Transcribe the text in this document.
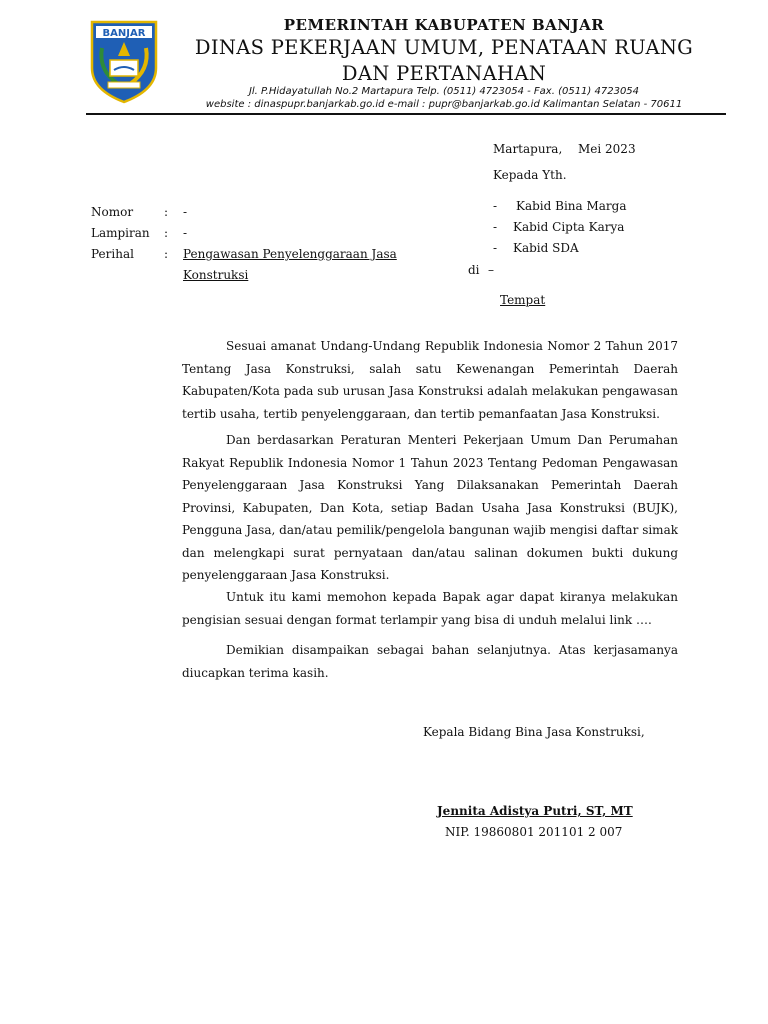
BANJAR	PEMERINTAH KABUPATEN BANJAR
DINAS PEKERJAAN UMUM, PENATAAN RUANG
DAN PERTANAHAN
Jl. P.Hidayatullah No.2 Martapura Telp. (0511) 4723054 - Fax. (0511) 4723054
website : dinaspupr.banjarkab.go.id e-mail : pupr@banjarkab.go.id Kalimantan Selatan - 70611
Martapura, Mei 2023
Kepada Yth.
- Kabid Bina Marga
- Kabid Cipta Karya
- Kabid SDA
di –
Tempat
Nomor	: -
Lampiran : -
Perihal	: Pengawasan Penyelenggaraan Jasa
Konstruksi

Sesuai amanat Undang-Undang Republik Indonesia Nomor 2 Tahun 2017 Tentang Jasa Konstruksi, salah satu Kewenangan Pemerintah Daerah Kabupaten/Kota pada sub urusan Jasa Konstruksi adalah melakukan pengawasan tertib usaha, tertib penyelenggaraan, dan tertib pemanfaatan Jasa Konstruksi.

Dan berdasarkan Peraturan Menteri Pekerjaan Umum Dan Perumahan Rakyat Republik Indonesia Nomor 1 Tahun 2023 Tentang Pedoman Pengawasan Penyelenggaraan Jasa Konstruksi Yang Dilaksanakan Pemerintah Daerah Provinsi, Kabupaten, Dan Kota, setiap Badan Usaha Jasa Konstruksi (BUJK), Pengguna Jasa, dan/atau pemilik/pengelola bangunan wajib mengisi daftar simak dan melengkapi surat pernyataan dan/atau salinan dokumen bukti dukung penyelenggaraan Jasa Konstruksi.

Untuk itu kami memohon kepada Bapak agar dapat kiranya melakukan pengisian sesuai dengan format terlampir yang bisa di unduh melalui link ….

Demikian disampaikan sebagai bahan selanjutnya. Atas kerjasamanya diucapkan terima kasih.

Kepala Bidang Bina Jasa Konstruksi,
Jennita Adistya Putri, ST, MT
NIP. 19860801 201101 2 007
